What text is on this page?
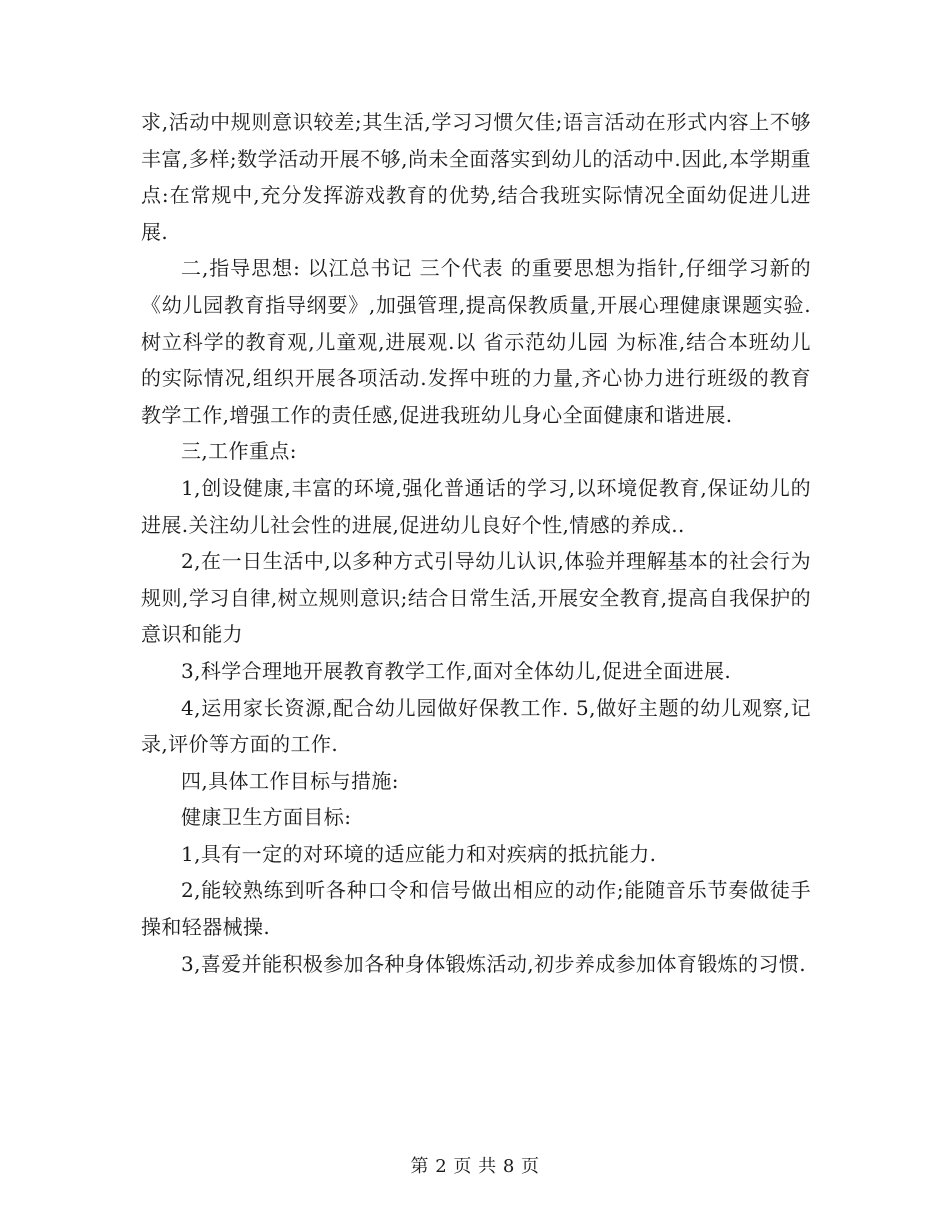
求,活动中规则意识较差;其生活,学习习惯欠佳;语言活动在形式内容上不够丰富,多样;数学活动开展不够,尚未全面落实到幼儿的活动中.因此,本学期重点:在常规中,充分发挥游戏教育的优势,结合我班实际情况全面幼促进儿进展.

二,指导思想: 以江总书记 三个代表 的重要思想为指针,仔细学习新的《幼儿园教育指导纲要》,加强管理,提高保教质量,开展心理健康课题实验.树立科学的教育观,儿童观,进展观.以 省示范幼儿园 为标准,结合本班幼儿的实际情况,组织开展各项活动.发挥中班的力量,齐心协力进行班级的教育教学工作,增强工作的责任感,促进我班幼儿身心全面健康和谐进展.

三,工作重点:

1,创设健康,丰富的环境,强化普通话的学习,以环境促教育,保证幼儿的进展.关注幼儿社会性的进展,促进幼儿良好个性,情感的养成..

2,在一日生活中,以多种方式引导幼儿认识,体验并理解基本的社会行为规则,学习自律,树立规则意识;结合日常生活,开展安全教育,提高自我保护的意识和能力

3,科学合理地开展教育教学工作,面对全体幼儿,促进全面进展.

4,运用家长资源,配合幼儿园做好保教工作. 5,做好主题的幼儿观察,记录,评价等方面的工作.

四,具体工作目标与措施:

健康卫生方面目标:

1,具有一定的对环境的适应能力和对疾病的抵抗能力.

2,能较熟练到听各种口令和信号做出相应的动作;能随音乐节奏做徒手操和轻器械操.

3,喜爱并能积极参加各种身体锻炼活动,初步养成参加体育锻炼的习惯.

第 2 页 共 8 页
